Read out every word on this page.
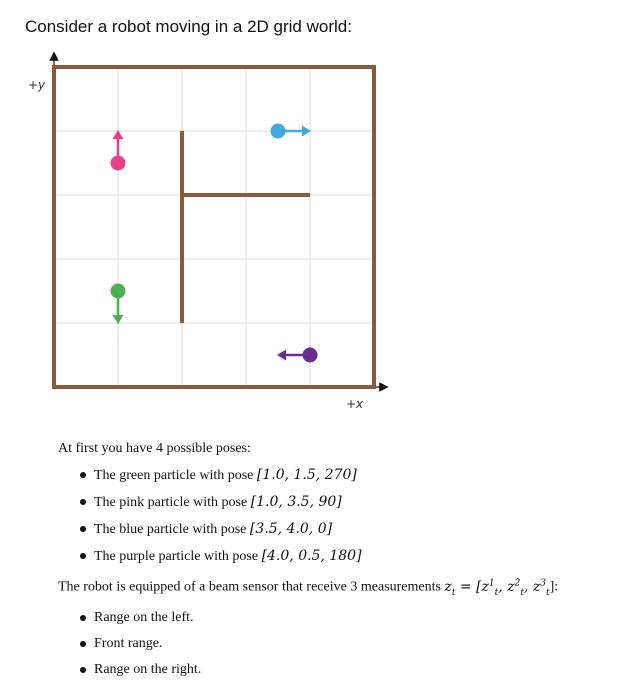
Consider a robot moving in a 2D grid world:
+y
+x

At first you have 4 possible poses:

The green particle with pose [1.0, 1.5, 270]
The pink particle with pose [1.0, 3.5, 90]
The blue particle with pose [3.5, 4.0, 0]
The purple particle with pose [4.0, 0.5, 180]

The robot is equipped of a beam sensor that receive 3 measurements $z_t = [z^1_t$, $z^2_t$, $z^3_t$]:

Range on the left.
Front range.
Range on the right.
